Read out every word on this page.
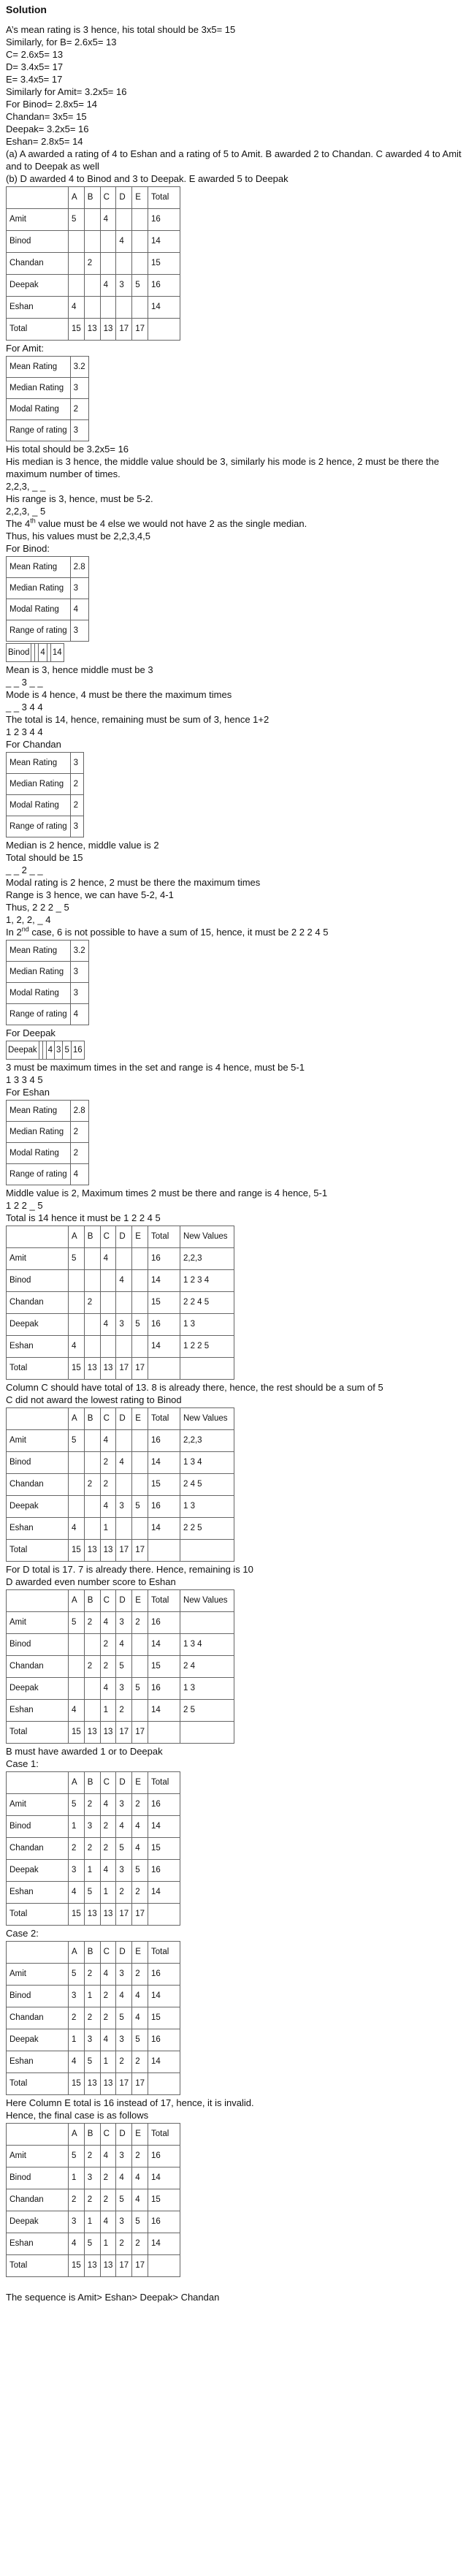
Solution

A’s mean rating is 3 hence, his total should be 3x5= 15

Similarly, for B= 2.6x5= 13

C= 2.6x5= 13

D= 3.4x5= 17

E= 3.4x5= 17

Similarly for Amit= 3.2x5= 16

For Binod= 2.8x5= 14

Chandan= 3x5= 15

Deepak= 3.2x5= 16

Eshan= 2.8x5= 14

(a) A awarded a rating of 4 to Eshan and a rating of 5 to Amit. B awarded 2 to Chandan. C awarded 4 to Amit and to Deepak as well

(b) D awarded 4 to Binod and 3 to Deepak. E awarded 5 to Deepak

	A	B	C	D	E	Total
Amit	5		4			16
Binod				4		14
Chandan		2				15
Deepak			4	3	5	16
Eshan	4					14
Total	15	13	13	17	17	

For Amit:

Mean Rating	3.2
Median Rating	3
Modal Rating	2
Range of rating	3

His total should be 3.2x5= 16

His median is 3 hence, the middle value should be 3, similarly his mode is 2 hence, 2 must be there the maximum number of times.

2,2,3, _ _

His range is 3, hence, must be 5-2.

2,2,3, _ 5

The 4th value must be 4 else we would not have 2 as the single median.

Thus, his values must be 2,2,3,4,5

For Binod:

Mean Rating	2.8
Median Rating	3
Modal Rating	4
Range of rating	3
Binod			4		14

Mean is 3, hence middle must be 3

_ _ 3 _ _

Mode is 4 hence, 4 must be there the maximum times

_ _ 3 4 4

The total is 14, hence, remaining must be sum of 3, hence 1+2

1 2 3 4 4

For Chandan

Mean Rating	3
Median Rating	2
Modal Rating	2
Range of rating	3

Median is 2 hence, middle value is 2

Total should be 15

_ _ 2 _ _

Modal rating is 2 hence, 2 must be there the maximum times

Range is 3 hence, we can have 5-2, 4-1

Thus, 2 2 2 _ 5

1, 2, 2, _ 4

In 2nd case, 6 is not possible to have a sum of 15, hence, it must be 2 2 2 4 5

Mean Rating	3.2
Median Rating	3
Modal Rating	3
Range of rating	4

For Deepak

Deepak			4	3	5	16

3 must be maximum times in the set and range is 4 hence, must be 5-1

1 3 3 4 5

For Eshan

Mean Rating	2.8
Median Rating	2
Modal Rating	2
Range of rating	4

Middle value is 2, Maximum times 2 must be there and range is 4 hence, 5-1

1 2 2 _ 5

Total is 14 hence it must be 1 2 2 4 5

	A	B	C	D	E	Total	New Values
Amit	5		4			16	2,2,3
Binod				4		14	1 2 3 4
Chandan		2				15	2 2 4 5
Deepak			4	3	5	16	1 3
Eshan	4					14	1 2 2 5
Total	15	13	13	17	17		

Column C should have total of 13. 8 is already there, hence, the rest should be a sum of 5

C did not award the lowest rating to Binod

	A	B	C	D	E	Total	New Values
Amit	5		4			16	2,2,3
Binod			2	4		14	1 3 4
Chandan		2	2			15	2 4 5
Deepak			4	3	5	16	1 3
Eshan	4		1			14	2 2 5
Total	15	13	13	17	17		

For D total is 17. 7 is already there. Hence, remaining is 10

D awarded even number score to Eshan

	A	B	C	D	E	Total	New Values
Amit	5	2	4	3	2	16	
Binod			2	4		14	1 3 4
Chandan		2	2	5		15	2 4
Deepak			4	3	5	16	1 3
Eshan	4		1	2		14	2 5
Total	15	13	13	17	17		

B must have awarded 1 or to Deepak

Case 1:

	A	B	C	D	E	Total
Amit	5	2	4	3	2	16
Binod	1	3	2	4	4	14
Chandan	2	2	2	5	4	15
Deepak	3	1	4	3	5	16
Eshan	4	5	1	2	2	14
Total	15	13	13	17	17	

Case 2:

	A	B	C	D	E	Total
Amit	5	2	4	3	2	16
Binod	3	1	2	4	4	14
Chandan	2	2	2	5	4	15
Deepak	1	3	4	3	5	16
Eshan	4	5	1	2	2	14
Total	15	13	13	17	17	

Here Column E total is 16 instead of 17, hence, it is invalid.

Hence, the final case is as follows

	A	B	C	D	E	Total
Amit	5	2	4	3	2	16
Binod	1	3	2	4	4	14
Chandan	2	2	2	5	4	15
Deepak	3	1	4	3	5	16
Eshan	4	5	1	2	2	14
Total	15	13	13	17	17	

The sequence is Amit> Eshan> Deepak> Chandan
